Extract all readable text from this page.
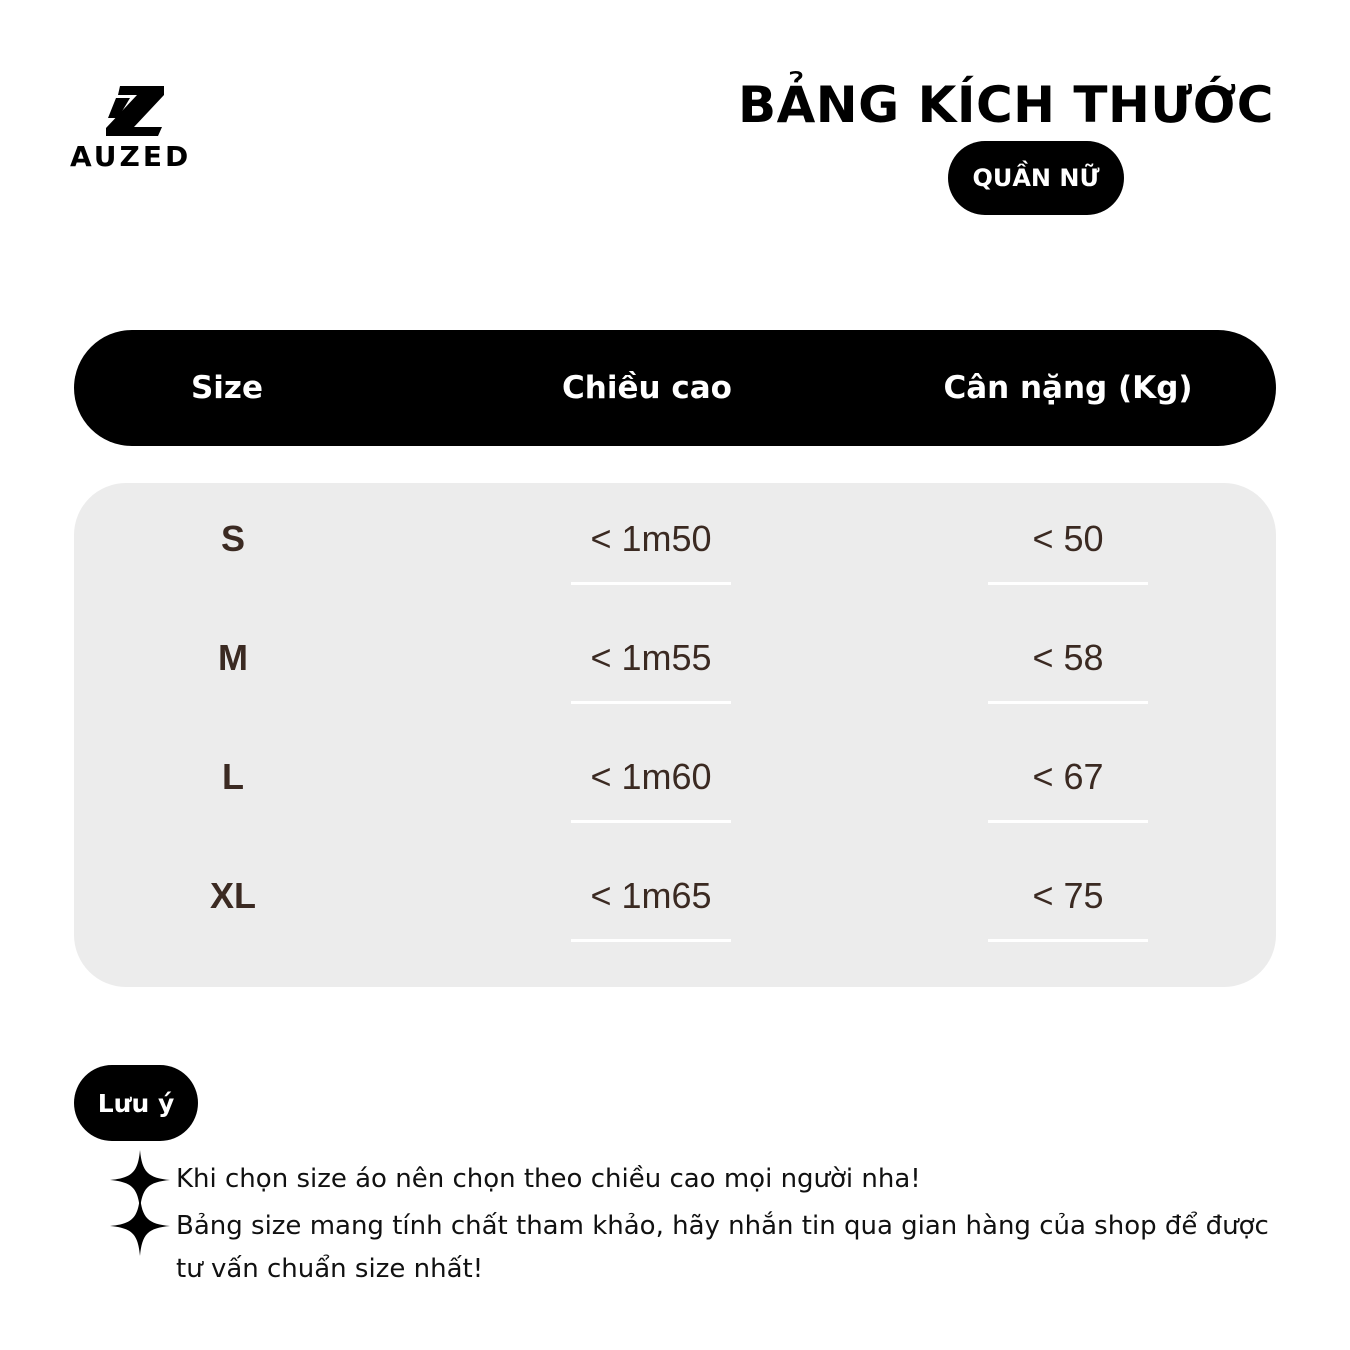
AUZED
BẢNG KÍCH THƯỚC
QUẦN NỮ
Size	Chiều cao	Cân nặng (Kg)
S	< 1m50	< 50
M	< 1m55	< 58
L	< 1m60	< 67
XL	< 1m65	< 75
Lưu ý
Khi chọn size áo nên chọn theo chiều cao mọi người nha!
Bảng size mang tính chất tham khảo, hãy nhắn tin qua gian hàng của shop để được tư vấn chuẩn size nhất!
